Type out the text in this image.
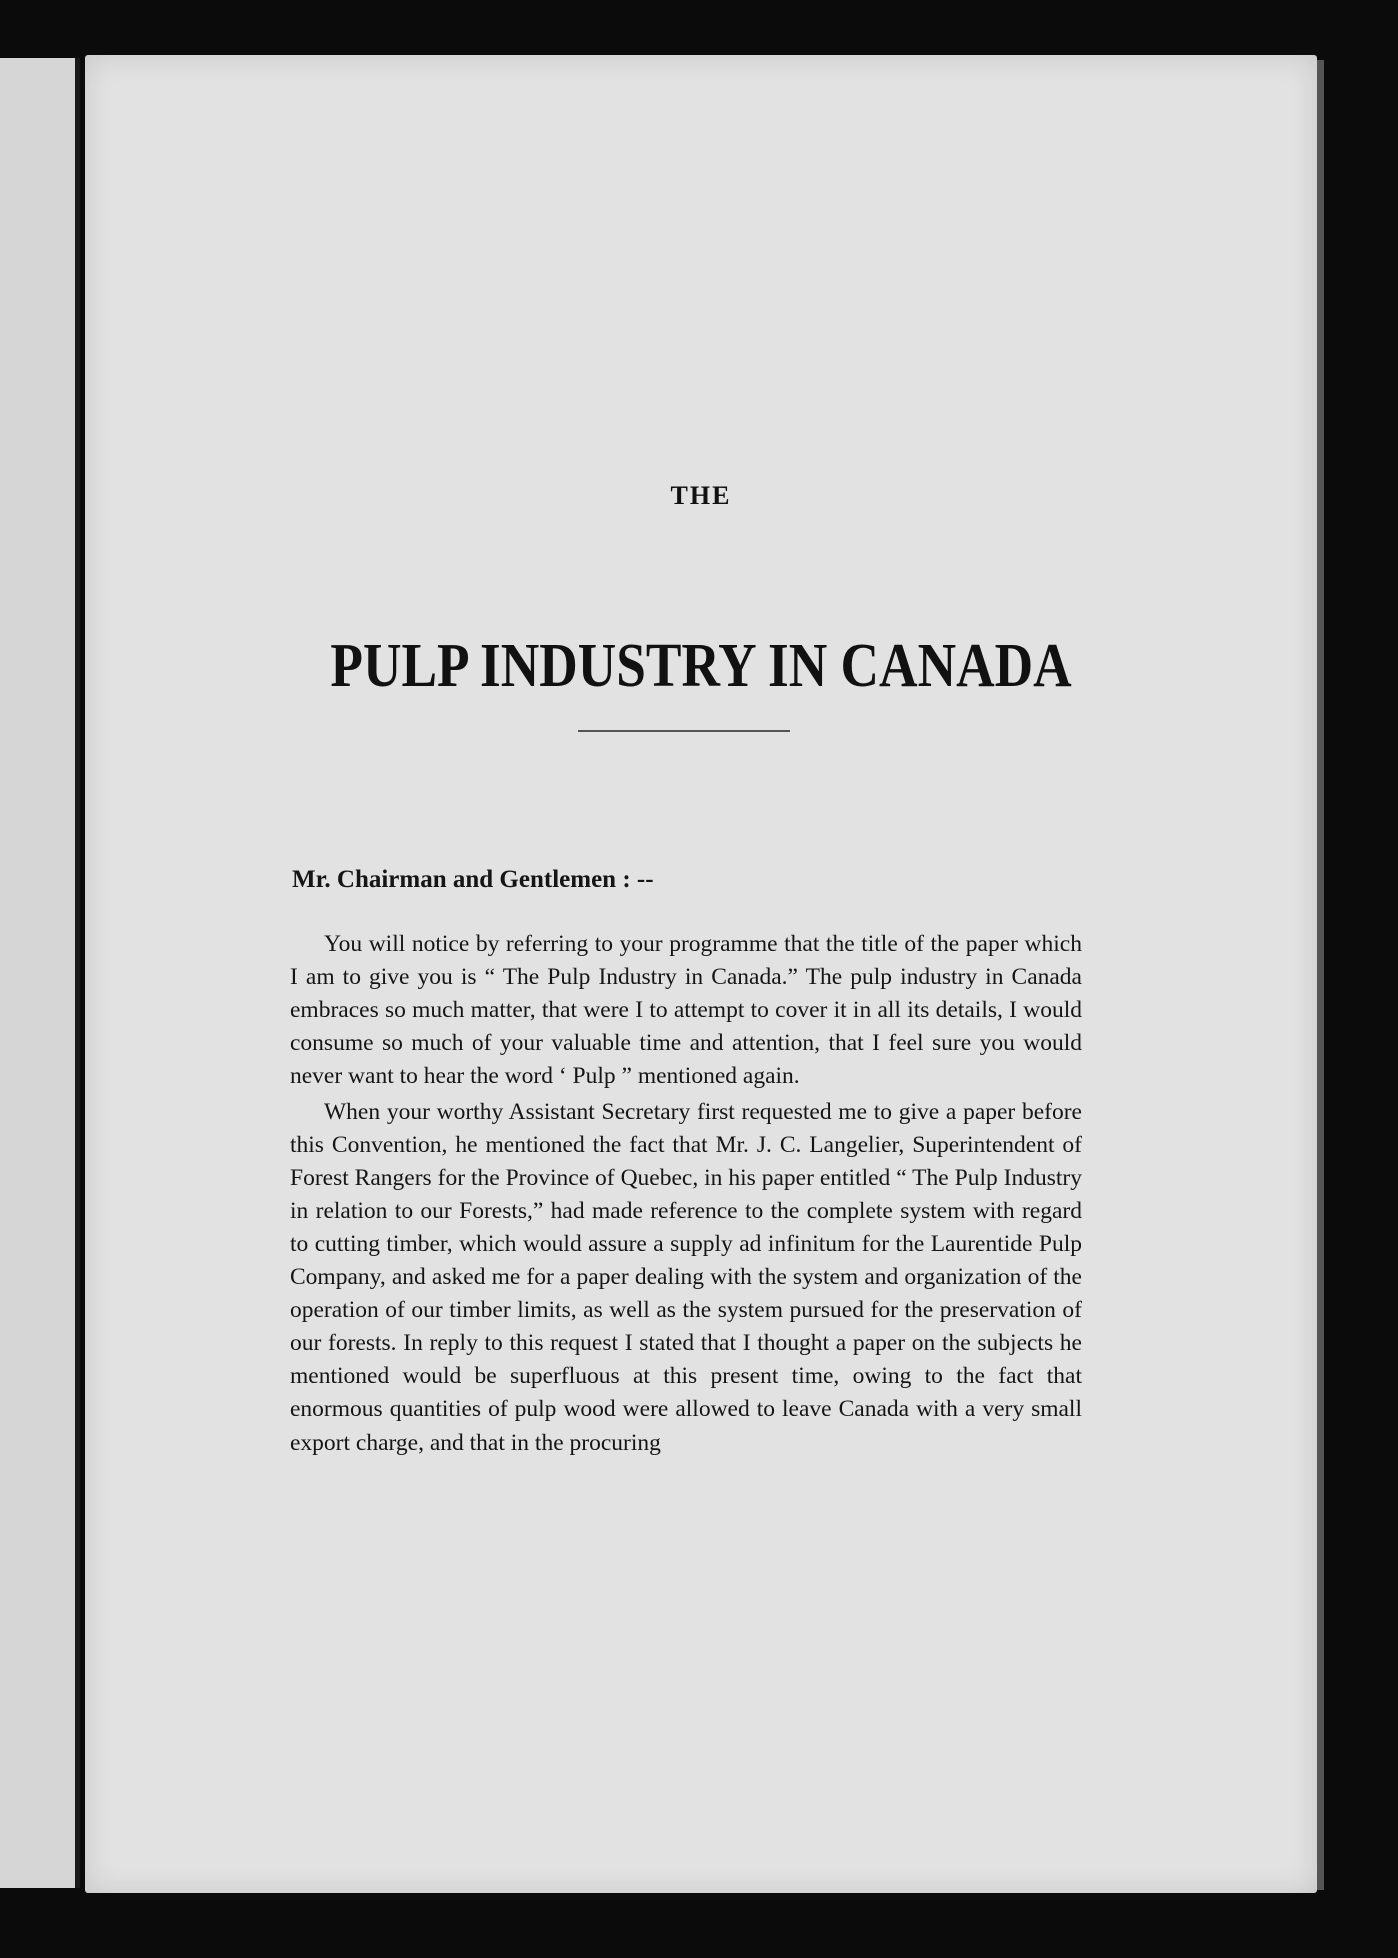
THE
PULP INDUSTRY IN CANADA

Mr. Chairman and Gentlemen : --

You will notice by referring to your programme that the title of the paper which I am to give you is “ The Pulp Industry in Canada.” The pulp industry in Canada embraces so much matter, that were I to attempt to cover it in all its details, I would consume so much of your valuable time and attention, that I feel sure you would never want to hear the word ‘ Pulp ” mentioned again.

When your worthy Assistant Secretary first requested me to give a paper before this Convention, he mentioned the fact that Mr. J. C. Langelier, Superintendent of Forest Rangers for the Province of Quebec, in his paper entitled “ The Pulp Industry in relation to our Forests,” had made reference to the complete system with regard to cutting timber, which would assure a supply ad infinitum for the Laurentide Pulp Company, and asked me for a paper dealing with the system and organization of the operation of our timber limits, as well as the system pursued for the preservation of our forests. In reply to this request I stated that I thought a paper on the subjects he mentioned would be superfluous at this present time, owing to the fact that enormous quantities of pulp wood were allowed to leave Canada with a very small export charge, and that in the procuring
